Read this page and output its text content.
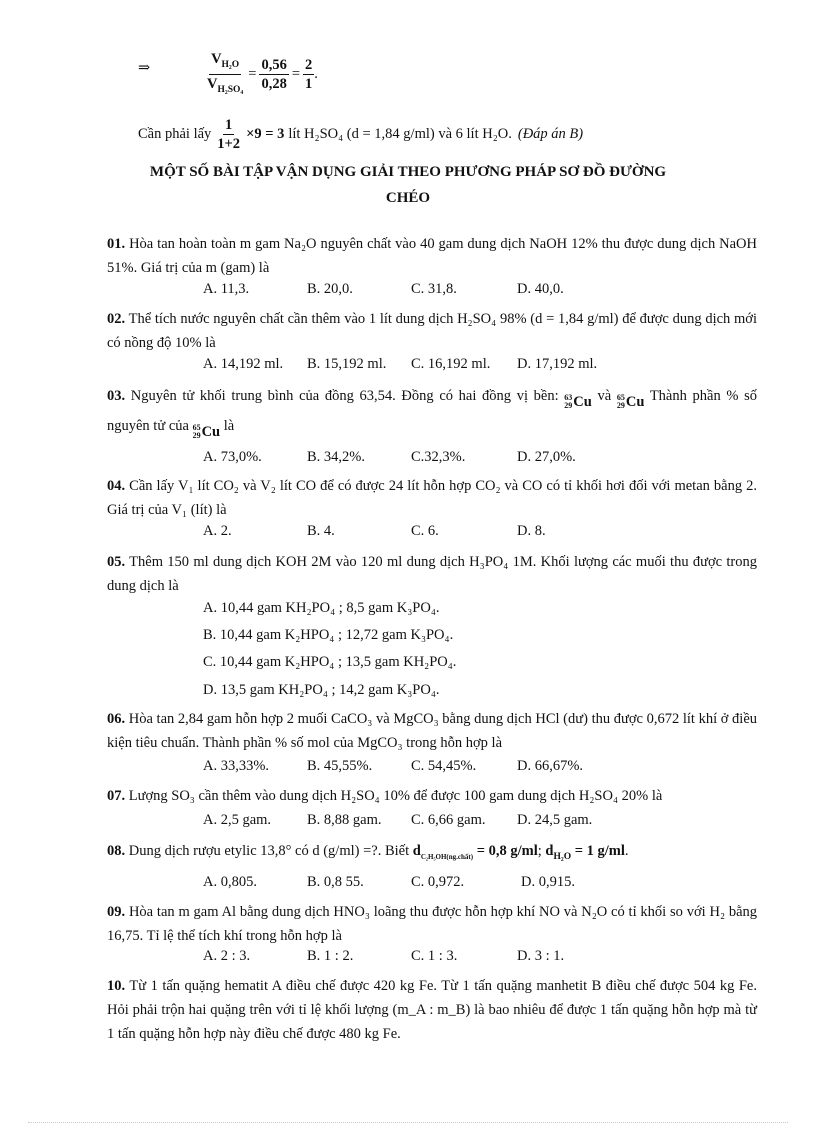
⇒	$\frac{V_{H_2O}}{V_{H_2SO_4}} = \frac{0,56}{0,28} = \frac{2}{1}$ .
Cần phải lấy $\frac{1}{1+2} \times 9 = 3$ lít H₂SO₄ (d = 1,84 g/ml) và 6 lít H₂O. (Đáp án B)
MỘT SỐ BÀI TẬP VẬN DỤNG GIẢI THEO PHƯƠNG PHÁP SƠ ĐỒ ĐƯỜNG
CHÉO
01. Hòa tan hoàn toàn m gam Na₂O nguyên chất vào 40 gam dung dịch NaOH 12% thu được dung dịch NaOH 51%. Giá trị của m (gam) là
A. 11,3.	B. 20,0.	C. 31,8.	D. 40,0.
02. Thể tích nước nguyên chất cần thêm vào 1 lít dung dịch H₂SO₄ 98% (d = 1,84 g/ml) để được dung dịch mới có nồng độ 10% là
A. 14,192 ml. B. 15,192 ml. C. 16,192 ml. D. 17,192 ml.
03. Nguyên tử khối trung bình của đồng 63,54. Đồng có hai đồng vị bền: 63
29 Cu và 65
29 Cu Thành phần % số nguyên tử của 65
29 Cu là
A. 73,0%.	B. 34,2%.	C.32,3%.	D. 27,0%.
04. Cần lấy V₁ lít CO₂ và V₂ lít CO để có được 24 lít hỗn hợp CO₂ và CO có tỉ khối hơi đối với metan bằng 2. Giá trị của V₁ (lít) là
A. 2.	B. 4.	C. 6.	D. 8.
05. Thêm 150 ml dung dịch KOH 2M vào 120 ml dung dịch H₃PO₄ 1M. Khối lượng các muối thu được trong dung dịch là
A. 10,44 gam KH₂PO₄ ; 8,5 gam K₃PO₄.
B. 10,44 gam K₂HPO₄ ; 12,72 gam K₃PO₄.
C. 10,44 gam K₂HPO₄ ; 13,5 gam KH₂PO₄.
D. 13,5 gam KH₂PO₄ ; 14,2 gam K₃PO₄.
06. Hòa tan 2,84 gam hỗn hợp 2 muối CaCO₃ và MgCO₃ bằng dung dịch HCl (dư) thu được 0,672 lít khí ở điều kiện tiêu chuẩn. Thành phần % số mol của MgCO₃ trong hỗn hợp là
A. 33,33%.	B. 45,55%.	C. 54,45%.	D. 66,67%.
07. Lượng SO₃ cần thêm vào dung dịch H₂SO₄ 10% để được 100 gam dung dịch H₂SO₄ 20% là
A. 2,5 gam. B. 8,88 gam. C. 6,66 gam. D. 24,5 gam.
08. Dung dịch rượu etylic 13,8° có d (g/ml) =?. Biết $d_{C_2H_5OH(ng.chất)} = 0,8$ g/ml; $d_{H_2O} = 1$ g/ml.
A. 0,805.	B. 0,8 55.	C. 0,972.	D. 0,915.
09. Hòa tan m gam Al bằng dung dịch HNO₃ loãng thu được hỗn hợp khí NO và N₂O có tỉ khối so với H₂ bằng 16,75. Tỉ lệ thể tích khí trong hỗn hợp là
A. 2 : 3.	B. 1 : 2.	C. 1 : 3.	D. 3 : 1.
10. Từ 1 tấn quặng hematit A điều chế được 420 kg Fe. Từ 1 tấn quặng manhetit B điều chế được 504 kg Fe. Hỏi phải trộn hai quặng trên với tỉ lệ khối lượng (m_A : m_B) là bao nhiêu để được 1 tấn quặng hỗn hợp mà từ 1 tấn quặng hỗn hợp này điều chế được 480 kg Fe.
